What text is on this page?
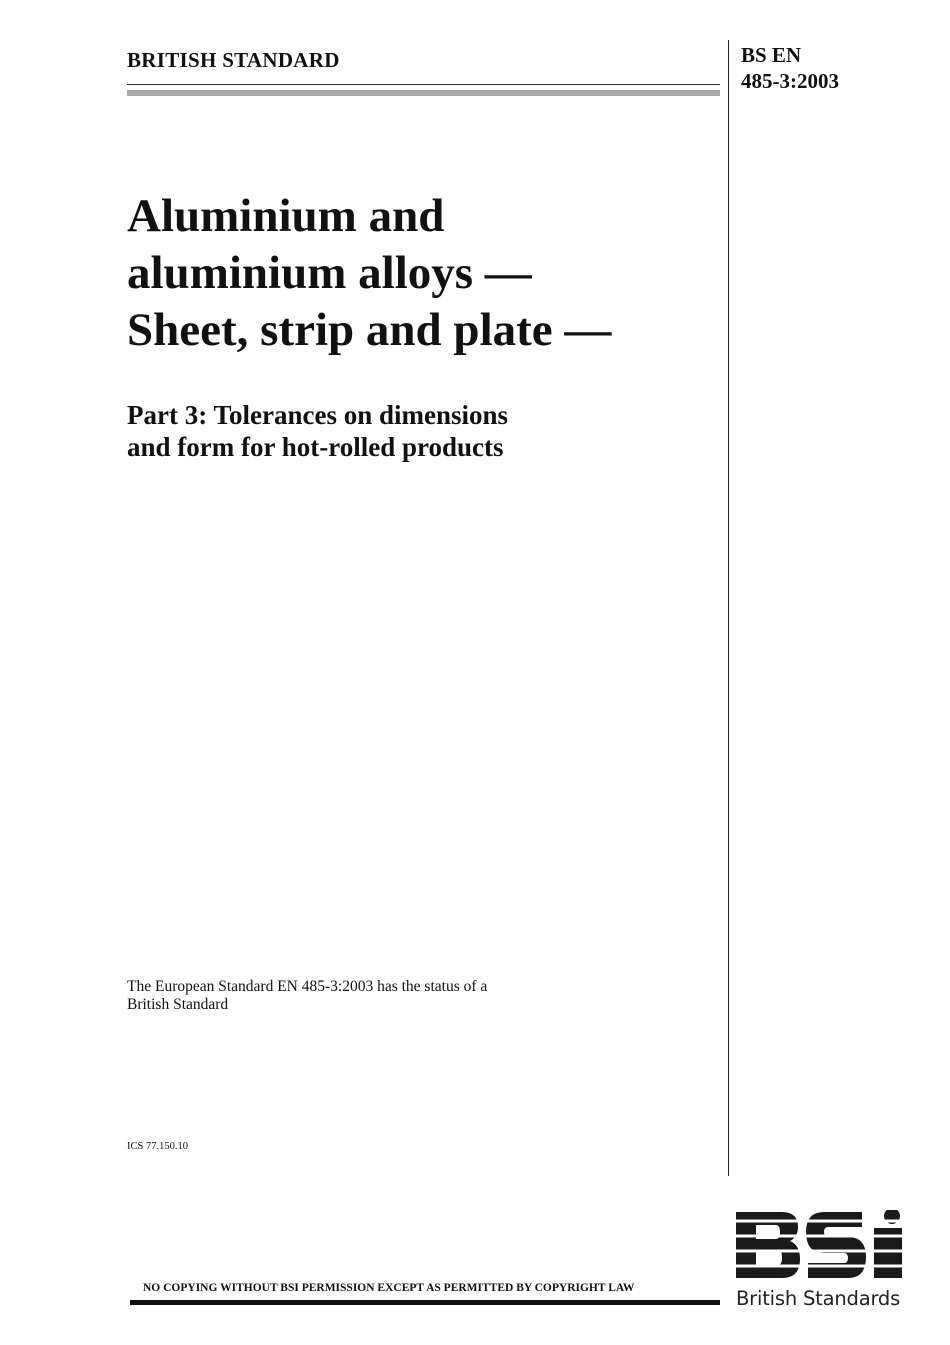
BRITISH STANDARD	BS EN
485-3:2003
Aluminium and
aluminium alloys —
Sheet, strip and plate —
Part 3: Tolerances on dimensions
and form for hot-rolled products
The European Standard EN 485-3:2003 has the status of a
British Standard
ICS 77.150.10
NO COPYING WITHOUT BSI PERMISSION EXCEPT AS PERMITTED BY COPYRIGHT LAW	British Standards
